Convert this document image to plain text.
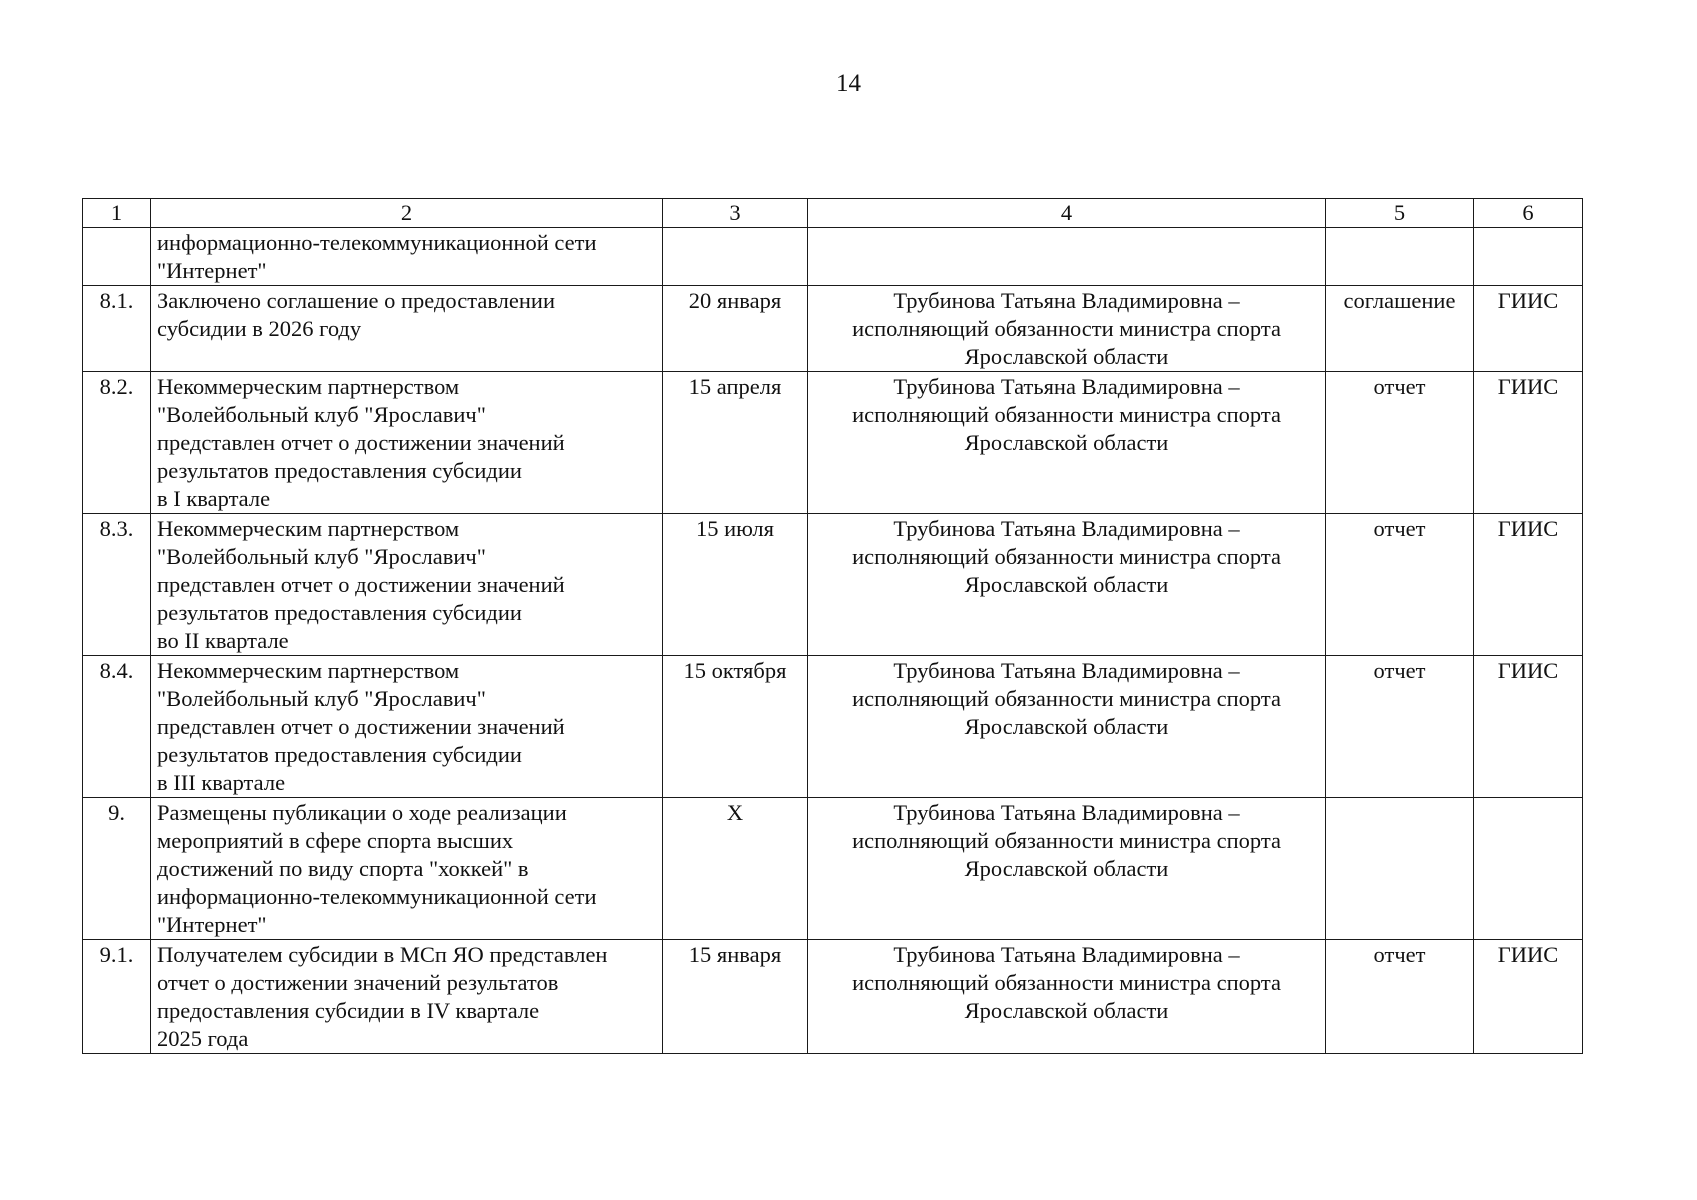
14
1	2	3	4	5	6

	информационно-телекоммуникационной сети
"Интернет"				

8.1.	Заключено соглашение о предоставлении
субсидии в 2026 году	20 января	Трубинова Татьяна Владимировна –
исполняющий обязанности министра спорта
Ярославской области	соглашение	ГИИС

8.2.	Некоммерческим партнерством
"Волейбольный клуб "Ярославич"
представлен отчет о достижении значений
результатов предоставления субсидии
в I квартале	15 апреля	Трубинова Татьяна Владимировна –
исполняющий обязанности министра спорта
Ярославской области	отчет	ГИИС

8.3.	Некоммерческим партнерством
"Волейбольный клуб "Ярославич"
представлен отчет о достижении значений
результатов предоставления субсидии
во II квартале	15 июля	Трубинова Татьяна Владимировна –
исполняющий обязанности министра спорта
Ярославской области	отчет	ГИИС

8.4.	Некоммерческим партнерством
"Волейбольный клуб "Ярославич"
представлен отчет о достижении значений
результатов предоставления субсидии
в III квартале	15 октября	Трубинова Татьяна Владимировна –
исполняющий обязанности министра спорта
Ярославской области	отчет	ГИИС

9.	Размещены публикации о ходе реализации
мероприятий в сфере спорта высших
достижений по виду спорта "хоккей" в
информационно-телекоммуникационной сети
"Интернет"	Х	Трубинова Татьяна Владимировна –
исполняющий обязанности министра спорта
Ярославской области		

9.1.	Получателем субсидии в МСп ЯО представлен
отчет о достижении значений результатов
предоставления субсидии в IV квартале
2025 года	15 января	Трубинова Татьяна Владимировна –
исполняющий обязанности министра спорта
Ярославской области	отчет	ГИИС
